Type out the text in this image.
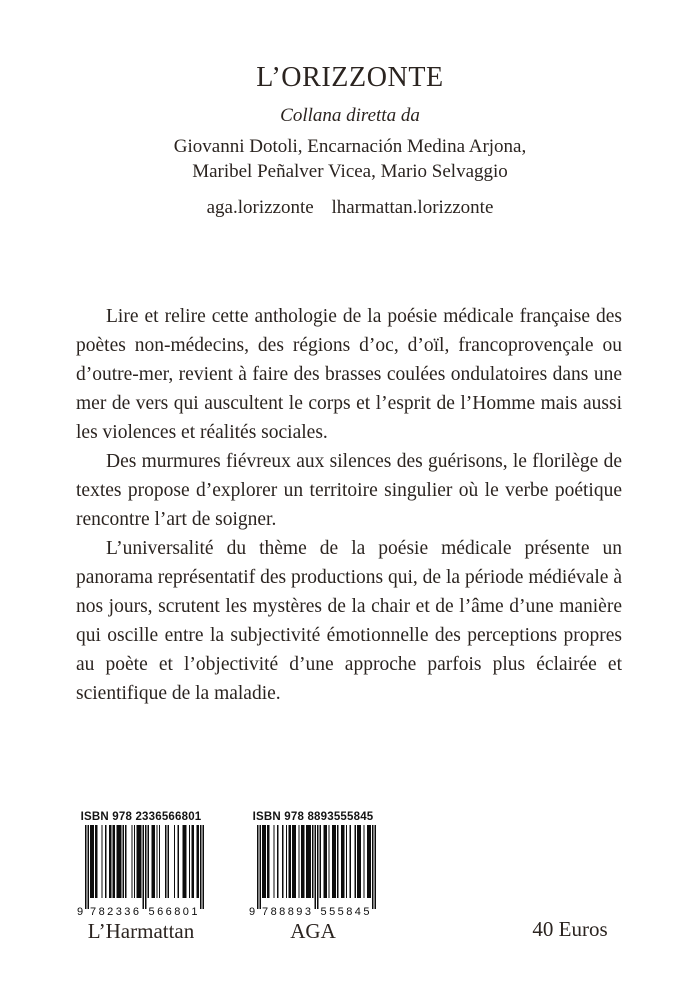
L’ORIZZONTE
Collana diretta da
Giovanni Dotoli, Encarnación Medina Arjona,
Maribel Peñalver Vicea, Mario Selvaggio
aga.lorizzonte lharmattan.lorizzonte

Lire et relire cette anthologie de la poésie médicale française des poètes non-médecins, des régions d’oc, d’oïl, francoprovençale ou d’outre-mer, revient à faire des brasses coulées ondulatoires dans une mer de vers qui auscultent le corps et l’esprit de l’Homme mais aussi les violences et réalités sociales.

Des murmures fiévreux aux silences des guérisons, le florilège de textes propose d’explorer un territoire singulier où le verbe poétique rencontre l’art de soigner.

L’universalité du thème de la poésie médicale présente un panorama représentatif des productions qui, de la période médiévale à nos jours, scrutent les mystères de la chair et de l’âme d’une manière qui oscille entre la subjectivité émotionnelle des perceptions propres au poète et l’objectivité d’une approche parfois plus éclairée et scientifique de la maladie.

ISBN 978 2336566801
9 782336 566801
L’Harmattan
ISBN 978 8893555845
9 788893 555845
AGA	40 Euros
